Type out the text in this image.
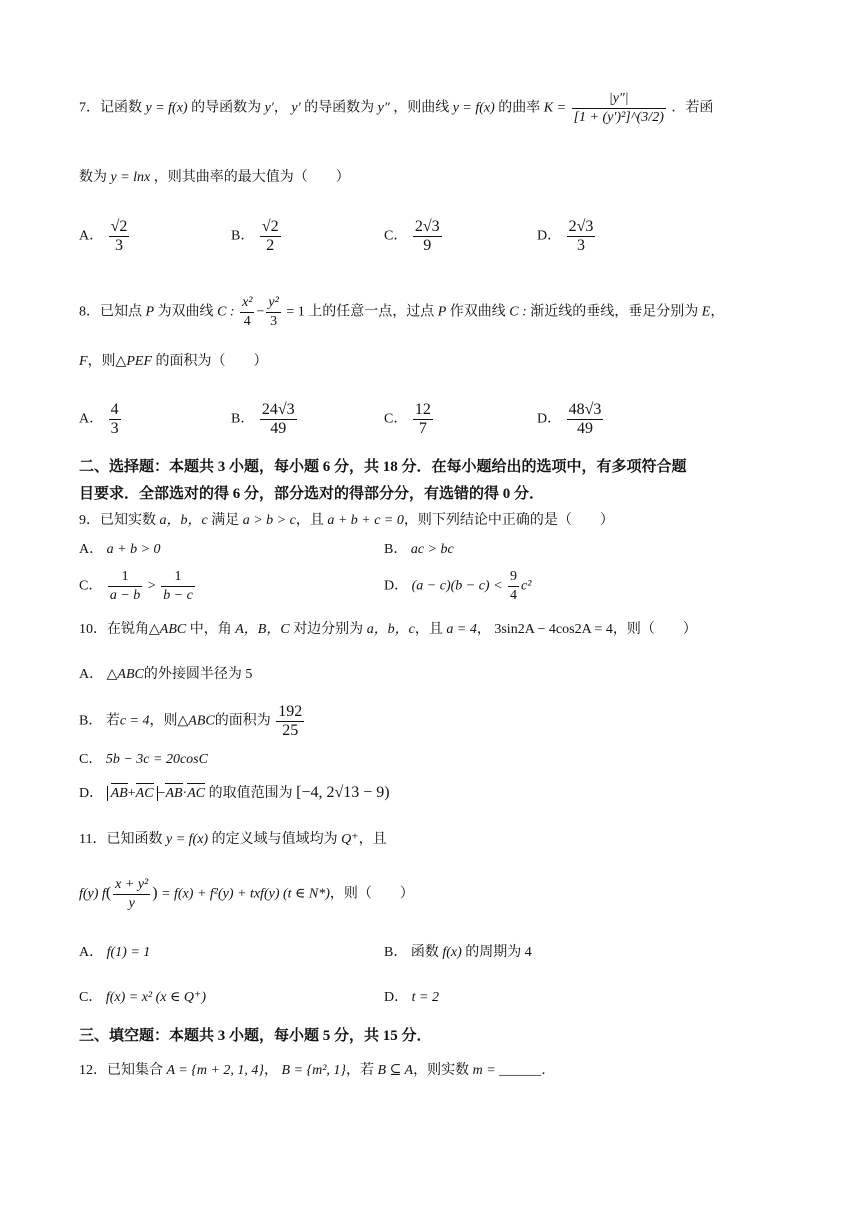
7．记函数 y = f(x) 的导函数为 y′， y′ 的导函数为 y″ ，则曲线 y = f(x) 的曲率 $K = \frac{|y''|}{\text{[1 + (y′)²]\textasciicircum{}(3/2)}}$ ．若函
数为 y = lnx ，则其曲率的最大值为（　　）
A． $\frac{√2}{3}$	B． $\frac{√2}{2}$	C． $\frac{2√3}{9}$	D． $\frac{2√3}{3}$
8．已知点 P 为双曲线 C : $\frac{\text{x²}}{4} - \frac{\text{y²}}{3} = 1$ 上的任意一点，过点 P 作双曲线 C : 渐近线的垂线，垂足分别为 E，
F，则△PEF 的面积为（　　）
A． $\frac{4}{3}$	B． $\frac{24√3}{49}$	C． $\frac{12}{7}$	D． $\frac{48√3}{49}$
二、选择题：本题共 3 小题，每小题 6 分，共 18 分．在每小题给出的选项中，有多项符合题
目要求．全部选对的得 6 分，部分选对的得部分分，有选错的得 0 分．
9．已知实数 a，b，c 满足 a > b > c，且 a + b + c = 0，则下列结论中正确的是（　　）
A． a + b > 0	B． ac > bc
C． $\frac{1}{a - b} > \frac{1}{b - c}$	D． $(a - c)(b - c) < \frac{9}{4} c^2$
10．在锐角△ABC 中，角 A，B，C 对边分别为 a，b，c，且 a = 4， 3sin2A − 4cos2A = 4，则（　　）
A． △ABC的外接圆半径为 5
B． 若c = 4，则△ABC的面积为 $\frac{192}{25}$
C． 5b − 3c = 20cosC
D． AB+AC −AB·AC 的取值范围为 [−4, 2√13 − 9)
11．已知函数 y = f(x) 的定义域与值域均为 Q⁺，且
f(y) $f( \frac{\text{x + y²}}{y}$ ) = f(x) + f²(y) + txf(y) (t ∈ N*)，则（　　）
A． f(1) = 1	B． 函数 f(x) 的周期为 4
C． f(x) = x² (x ∈ Q⁺)	D． t = 2
三、填空题：本题共 3 小题，每小题 5 分，共 15 分．
12．已知集合 A = {m + 2, 1, 4}， B = {m², 1}，若 B ⊆ A，则实数 m = ______．
